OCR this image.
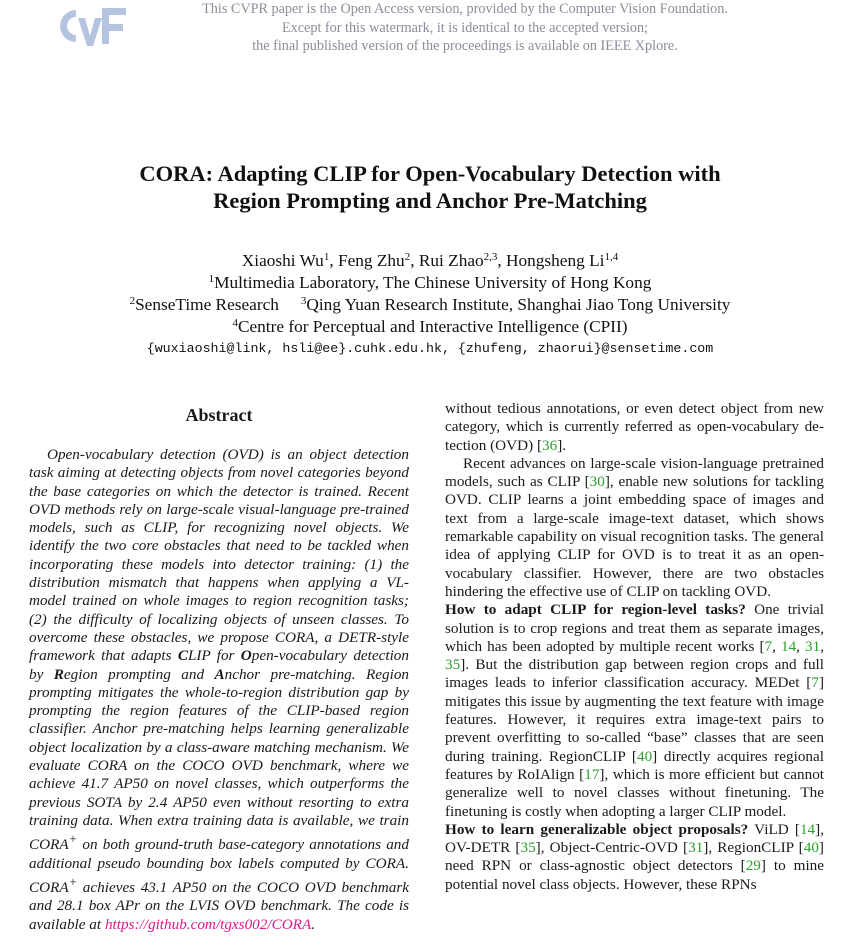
This CVPR paper is the Open Access version, provided by the Computer Vision Foundation.
Except for this watermark, it is identical to the accepted version;
the final published version of the proceedings is available on IEEE Xplore.
CORA: Adapting CLIP for Open-Vocabulary Detection with
Region Prompting and Anchor Pre-Matching
Xiaoshi Wu$^1$, Feng Zhu$^2$, Rui Zhao$^{2,3}$, Hongsheng Li$^{1,4}$
$^1$Multimedia Laboratory, The Chinese University of Hong Kong
$^2$SenseTime Research $^3$Qing Yuan Research Institute, Shanghai Jiao Tong University
$^4$Centre for Perceptual and Interactive Intelligence (CPII)
{wuxiaoshi@link, hsli@ee}.cuhk.edu.hk, {zhufeng, zhaorui}@sensetime.com
Abstract

Open-vocabulary detection (OVD) is an object detection task aiming at detecting objects from novel categories beyond the base categories on which the detector is trained. Recent OVD methods rely on large-scale visual-language pre-trained models, such as CLIP, for recognizing novel objects. We identify the two core obstacles that need to be tackled when incorporating these models into detector training: (1) the distribution mismatch that happens when applying a VL-model trained on whole images to region recognition tasks; (2) the difficulty of localizing objects of unseen classes. To overcome these obstacles, we propose CORA, a DETR-style framework that adapts CLIP for Open-vocabulary detection by Region prompting and Anchor pre-matching. Region prompting mitigates the whole-to-region distribution gap by prompting the region features of the CLIP-based region classifier. Anchor pre-matching helps learning generalizable object localization by a class-aware matching mechanism. We evaluate CORA on the COCO OVD benchmark, where we achieve 41.7 AP50 on novel classes, which outperforms the previous SOTA by 2.4 AP50 even without resorting to extra training data. When extra training data is available, we train CORA+ on both ground-truth base-category annotations and additional pseudo bounding box labels computed by CORA. CORA+ achieves 43.1 AP50 on the COCO OVD benchmark and 28.1 box APr on the LVIS OVD benchmark. The code is available at https://github.com/tgxs002/CORA.

without tedious annotations, or even detect object from new category, which is currently referred as open-vocabulary detection (OVD) [36].

Recent advances on large-scale vision-language pretrained models, such as CLIP [30], enable new solutions for tackling OVD. CLIP learns a joint embedding space of images and text from a large-scale image-text dataset, which shows remarkable capability on visual recognition tasks. The general idea of applying CLIP for OVD is to treat it as an open-vocabulary classifier. However, there are two obstacles hindering the effective use of CLIP on tackling OVD.

How to adapt CLIP for region-level tasks? One trivial solution is to crop regions and treat them as separate images, which has been adopted by multiple recent works [7, 14, 31, 35]. But the distribution gap between region crops and full images leads to inferior classification accuracy. MEDet [7] mitigates this issue by augmenting the text feature with image features. However, it requires extra image-text pairs to prevent overfitting to so-called “base” classes that are seen during training. RegionCLIP [40] directly acquires regional features by RoIAlign [17], which is more efficient but cannot generalize well to novel classes without finetuning. The finetuning is costly when adopting a larger CLIP model.

How to learn generalizable object proposals? ViLD [14], OV-DETR [35], Object-Centric-OVD [31], RegionCLIP [40] need RPN or class-agnostic object detectors [29] to mine potential novel class objects. However, these RPNs
